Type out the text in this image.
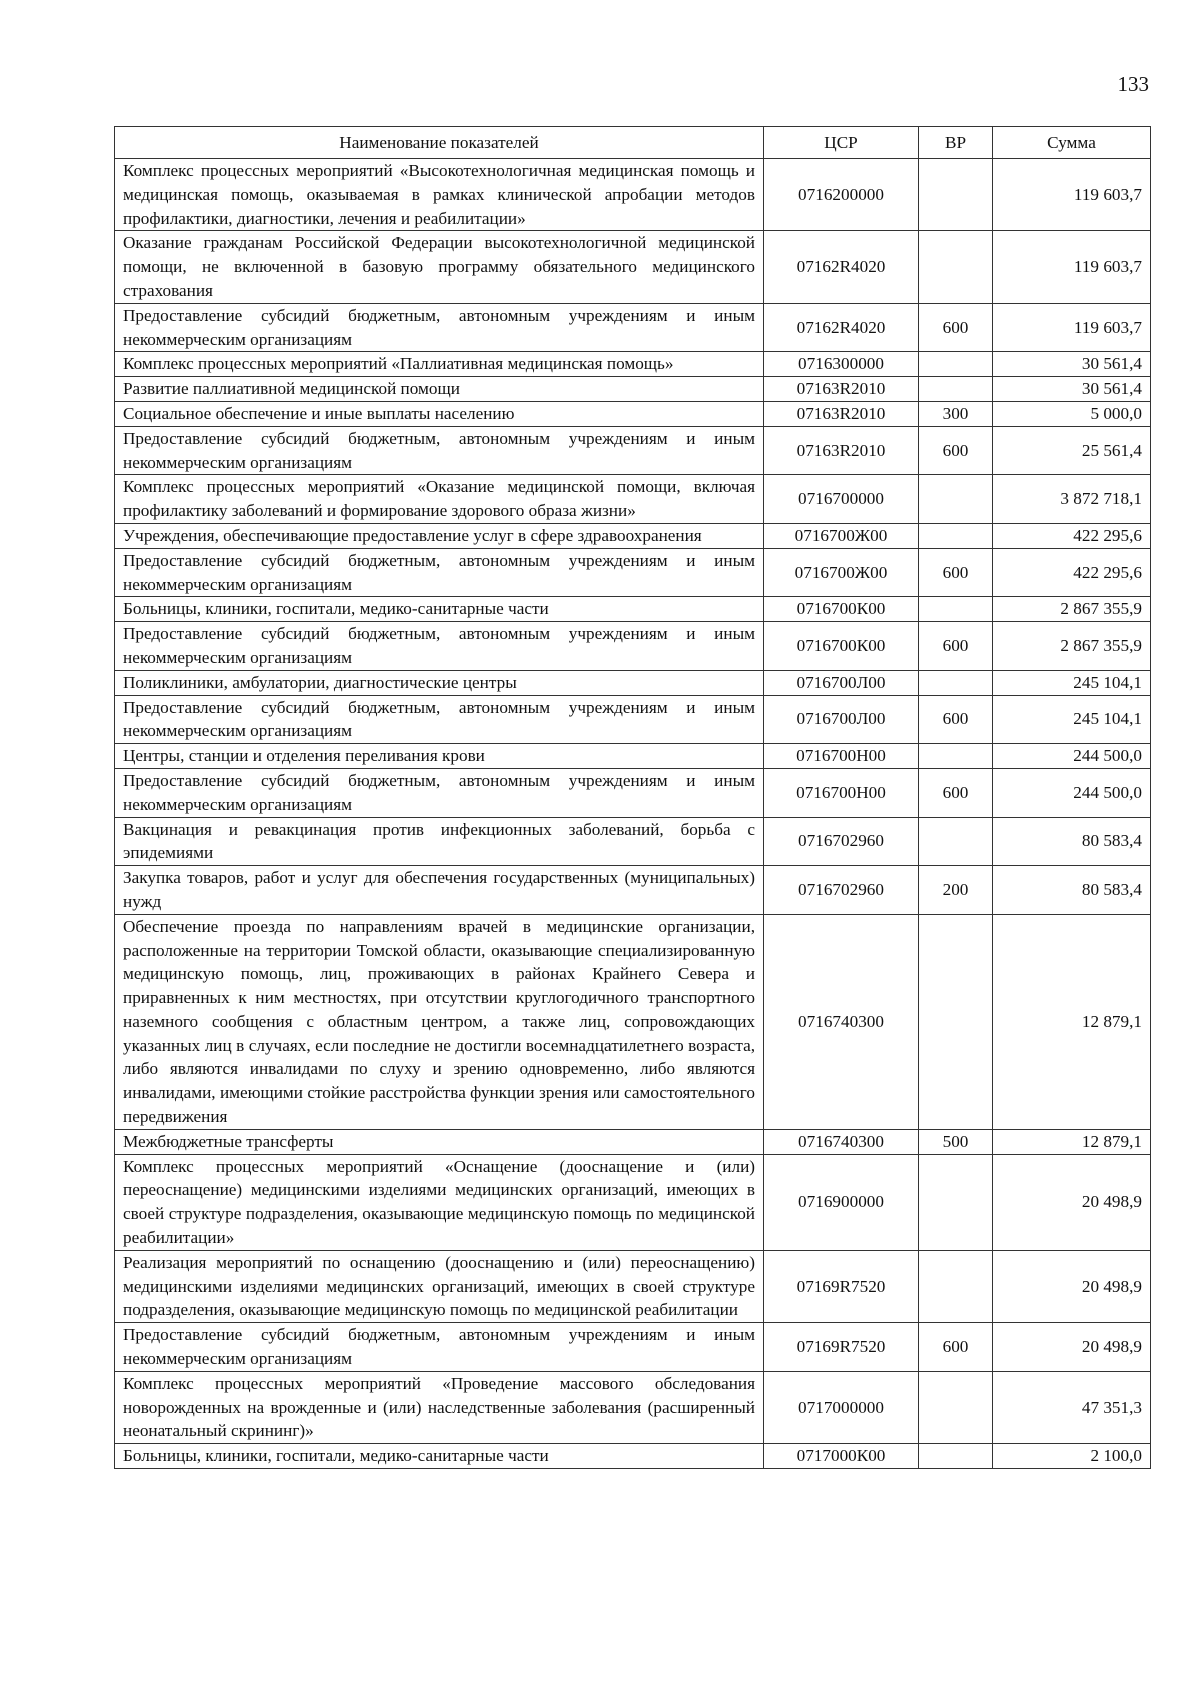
133
Наименование показателей	ЦСР	ВР	Сумма
Комплекс процессных мероприятий «Высокотехнологичная медицинская помощь и медицинская помощь, оказываемая в рамках клинической апробации методов профилактики, диагностики, лечения и реабилитации»	0716200000		119 603,7
Оказание гражданам Российской Федерации высокотехнологичной медицинской помощи, не включенной в базовую программу обязательного медицинского страхования	07162R4020		119 603,7
Предоставление субсидий бюджетным, автономным учреждениям и иным некоммерческим организациям	07162R4020	600	119 603,7
Комплекс процессных мероприятий «Паллиативная медицинская помощь»	0716300000		30 561,4
Развитие паллиативной медицинской помощи	07163R2010		30 561,4
Социальное обеспечение и иные выплаты населению	07163R2010	300	5 000,0
Предоставление субсидий бюджетным, автономным учреждениям и иным некоммерческим организациям	07163R2010	600	25 561,4
Комплекс процессных мероприятий «Оказание медицинской помощи, включая профилактику заболеваний и формирование здорового образа жизни»	0716700000		3 872 718,1
Учреждения, обеспечивающие предоставление услуг в сфере здравоохранения	0716700Ж00		422 295,6
Предоставление субсидий бюджетным, автономным учреждениям и иным некоммерческим организациям	0716700Ж00	600	422 295,6
Больницы, клиники, госпитали, медико-санитарные части	0716700К00		2 867 355,9
Предоставление субсидий бюджетным, автономным учреждениям и иным некоммерческим организациям	0716700К00	600	2 867 355,9
Поликлиники, амбулатории, диагностические центры	0716700Л00		245 104,1
Предоставление субсидий бюджетным, автономным учреждениям и иным некоммерческим организациям	0716700Л00	600	245 104,1
Центры, станции и отделения переливания крови	0716700Н00		244 500,0
Предоставление субсидий бюджетным, автономным учреждениям и иным некоммерческим организациям	0716700Н00	600	244 500,0
Вакцинация и ревакцинация против инфекционных заболеваний, борьба с эпидемиями	0716702960		80 583,4
Закупка товаров, работ и услуг для обеспечения государственных (муниципальных) нужд	0716702960	200	80 583,4
Обеспечение проезда по направлениям врачей в медицинские организации, расположенные на территории Томской области, оказывающие специализированную медицинскую помощь, лиц, проживающих в районах Крайнего Севера и приравненных к ним местностях, при отсутствии круглогодичного транспортного наземного сообщения с областным центром, а также лиц, сопровождающих указанных лиц в случаях, если последние не достигли восемнадцатилетнего возраста, либо являются инвалидами по слуху и зрению одновременно, либо являются инвалидами, имеющими стойкие расстройства функции зрения или самостоятельного передвижения	0716740300		12 879,1
Межбюджетные трансферты	0716740300	500	12 879,1
Комплекс процессных мероприятий «Оснащение (дооснащение и (или) переоснащение) медицинскими изделиями медицинских организаций, имеющих в своей структуре подразделения, оказывающие медицинскую помощь по медицинской реабилитации»	0716900000		20 498,9
Реализация мероприятий по оснащению (дооснащению и (или) переоснащению) медицинскими изделиями медицинских организаций, имеющих в своей структуре подразделения, оказывающие медицинскую помощь по медицинской реабилитации	07169R7520		20 498,9
Предоставление субсидий бюджетным, автономным учреждениям и иным некоммерческим организациям	07169R7520	600	20 498,9
Комплекс процессных мероприятий «Проведение массового обследования новорожденных на врожденные и (или) наследственные заболевания (расширенный неонатальный скрининг)»	0717000000		47 351,3
Больницы, клиники, госпитали, медико-санитарные части	0717000К00		2 100,0
